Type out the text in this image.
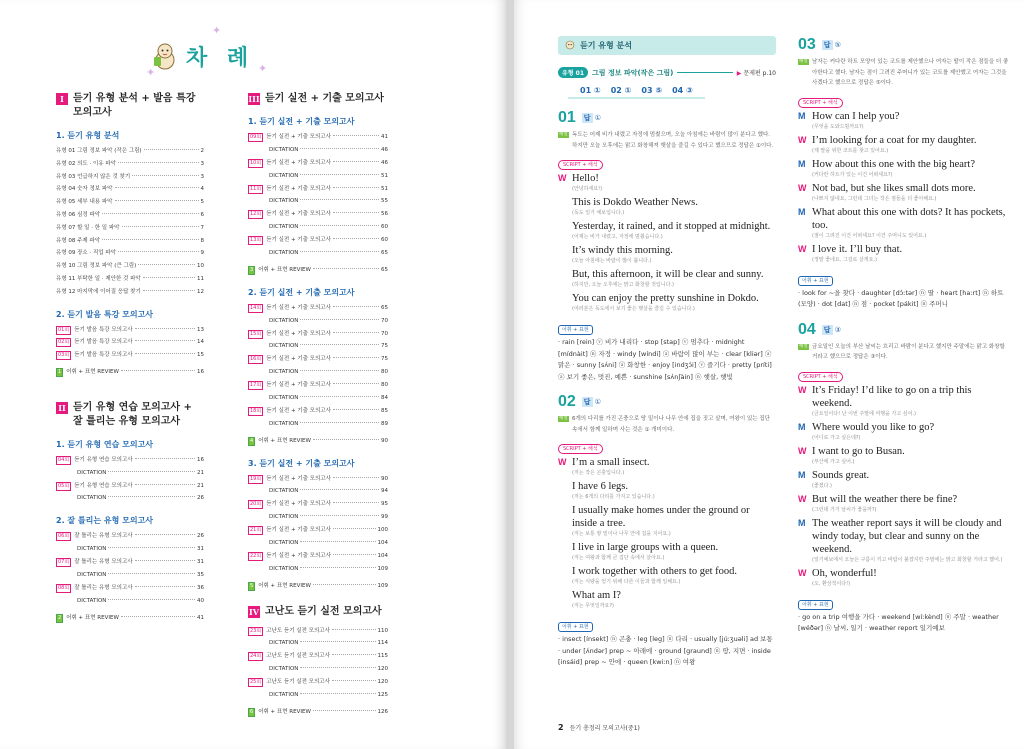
✦
✦
✦
차 례
I 듣기 유형 분석 + 발음 특강 모의고사
1. 듣기 유형 분석
유형 01 그림 정보 파악 (작은 그림)	2
유형 02 의도 · 이유 파악	3
유형 03 언급하지 않은 것 찾기	3
유형 04 숫자 정보 파악	4
유형 05 세부 내용 파악	5
유형 06 심정 파악	6
유형 07 할 일 · 한 일 파악	7
유형 08 주제 파악	8
유형 09 장소 · 직업 파악	9
유형 10 그림 정보 파악 (큰 그림)	10
유형 11 부탁한 일 · 제안한 것 파악	11
유형 12 마지막에 이어질 응답 찾기	12
2. 듣기 발음 특강 모의고사
01회 듣기 발음 특강 모의고사	13
02회 듣기 발음 특강 모의고사	14
03회 듣기 발음 특강 모의고사	15
1 어휘 + 표현 REVIEW	16
II 듣기 유형 연습 모의고사 + 잘 틀리는 유형 모의고사
1. 듣기 유형 연습 모의고사
04회 듣기 유형 연습 모의고사	16
DICTATION	21
05회 듣기 유형 연습 모의고사	21
DICTATION	26
2. 잘 틀리는 유형 모의고사
06회 잘 틀리는 유형 모의고사	26
DICTATION	31
07회 잘 틀리는 유형 모의고사	31
DICTATION	35
08회 잘 틀리는 유형 모의고사	36
DICTATION	40
2 어휘 + 표현 REVIEW	41
III 듣기 실전 + 기출 모의고사
1. 듣기 실전 + 기출 모의고사
09회 듣기 실전 + 기출 모의고사	41
DICTATION	46
10회 듣기 실전 + 기출 모의고사	46
DICTATION	51
11회 듣기 실전 + 기출 모의고사	51
DICTATION	55
12회 듣기 실전 + 기출 모의고사	56
DICTATION	60
13회 듣기 실전 + 기출 모의고사	60
DICTATION	65
3 어휘 + 표현 REVIEW	65
2. 듣기 실전 + 기출 모의고사
14회 듣기 실전 + 기출 모의고사	65
DICTATION	70
15회 듣기 실전 + 기출 모의고사	70
DICTATION	75
16회 듣기 실전 + 기출 모의고사	75
DICTATION	80
17회 듣기 실전 + 기출 모의고사	80
DICTATION	84
18회 듣기 실전 + 기출 모의고사	85
DICTATION	89
4 어휘 + 표현 REVIEW	90
3. 듣기 실전 + 기출 모의고사
19회 듣기 실전 + 기출 모의고사	90
DICTATION	94
20회 듣기 실전 + 기출 모의고사	95
DICTATION	99
21회 듣기 실전 + 기출 모의고사	100
DICTATION	104
22회 듣기 실전 + 기출 모의고사	104
DICTATION	109
5 어휘 + 표현 REVIEW	109
IV 고난도 듣기 실전 모의고사
23회 고난도 듣기 실전 모의고사	110
DICTATION	114
24회 고난도 듣기 실전 모의고사	115
DICTATION	120
25회 고난도 듣기 실전 모의고사	120
DICTATION	125
6 어휘 + 표현 REVIEW	126
듣기 유형 분석
유형 01	그림 정보 파악(작은 그림)	▶ 문제편 p.10
01 ① 02 ① 03 ⑤ 04 ③
01 답 ①
해설 독도는 어제 비가 내렸고 자정에 멈췄으며, 오늘 아침에는 바람이 많이 분다고 했다. 하지만 오늘 오후에는 맑고 화창해져 햇살을 즐길 수 있다고 했으므로 정답은 ①이다.
SCRIPT + 해석
W Hello!
(안녕하세요!)
This is Dokdo Weather News.
(독도 일기 예보입니다.)
Yesterday, it rained, and it stopped at midnight.
(어제는 비가 내렸고, 자정에 멈췄습니다.)
It’s windy this morning.
(오늘 아침에는 바람이 많이 붑니다.)
But, this afternoon, it will be clear and sunny.
(하지만, 오늘 오후에는 맑고 화창할 것입니다.)
You can enjoy the pretty sunshine in Dokdo.
(여러분은 독도에서 보기 좋은 햇살을 즐길 수 있습니다.)
어휘 + 표현
· rain [rein] ⓥ 비가 내리다 · stop [stap] ⓥ 멈추다 · midnight [mídnàit] ⓝ 자정 · windy [wíndi] ⓐ 바람이 많이 부는 · clear [kliər] ⓐ 맑은 · sunny [sʌ́ni] ⓐ 화창한 · enjoy [indʒɔ́i] ⓥ 즐기다 · pretty [príti] ⓐ 보기 좋은, 멋진, 예쁜 · sunshine [sʌ́nʃàin] ⓝ 햇살, 햇빛
02 답 ①
해설 6개의 다리를 가진 곤충으로 땅 밑이나 나무 안에 집을 짓고 살며, 여왕이 있는 집단 속에서 함께 일하며 사는 것은 ① 개미이다.
SCRIPT + 해석
W I’m a small insect.
(저는 작은 곤충입니다.)
I have 6 legs.
(저는 6개의 다리를 가지고 있습니다.)
I usually make homes under the ground or inside a tree.
(저는 보통 땅 밑이나 나무 안에 집을 지어요.)
I live in large groups with a queen.
(저는 여왕과 함께 큰 집단 속에서 살아요.)
I work together with others to get food.
(저는 식량을 얻기 위해 다른 이들과 함께 일해요.)
What am I?
(저는 무엇일까요?)
어휘 + 표현
· insect [ínsekt] ⓝ 곤충 · leg [leg] ⓝ 다리 · usually [júːʒuəli] ad 보통 · under [ʌ́ndər] prep ~ 아래에 · ground [graund] ⓝ 땅, 지면 · inside [insáid] prep ~ 안에 · queen [kwiːn] ⓝ 여왕
03 답 ⑤
해설 남자는 커다란 하트 모양이 있는 코트를 제안했으나 여자는 딸이 작은 점들을 더 좋아한다고 했다. 남자는 점이 그려진 주머니가 있는 코트를 제안했고 여자는 그것을 사겠다고 했으므로 정답은 ⑤이다.
SCRIPT + 해석
M How can I help you?
(무엇을 도와드릴까요?)
W I’m looking for a coat for my daughter.
(제 딸을 위한 코트를 찾고 있어요.)
M How about this one with the big heart?
(커다란 하트가 있는 이건 어떠세요?)
W Not bad, but she likes small dots more.
(나쁘지 않네요, 그런데 그녀는 작은 점들을 더 좋아해요.)
M What about this one with dots? It has pockets, too.
(점이 그려진 이건 어떠세요? 이건 주머니도 있어요.)
W I love it. I’ll buy that.
(정말 좋네요. 그걸로 살게요.)
어휘 + 표현
· look for ~을 찾다 · daughter [dɔ́ːtər] ⓝ 딸 · heart [haːrt] ⓝ 하트 (모양) · dot [dat] ⓝ 점 · pocket [pákit] ⓝ 주머니
04 답 ③
해설 금요일인 오늘의 부산 날씨는 흐리고 바람이 분다고 했지만 주말에는 맑고 화창할 거라고 했으므로 정답은 ③이다.
SCRIPT + 해석
W It’s Friday! I’d like to go on a trip this weekend.
(금요일이다! 난 이번 주말에 여행을 가고 싶어.)
M Where would you like to go?
(어디로 가고 싶은데?)
W I want to go to Busan.
(부산에 가고 싶어.)
M Sounds great.
(좋겠다.)
W But will the weather there be fine?
(그런데 거기 날씨가 좋을까?)
M The weather report says it will be cloudy and windy today, but clear and sunny on the weekend.
(일기예보에서 오늘은 구름이 끼고 바람이 불겠지만 주말에는 맑고 화창할 거라고 했어.)
W Oh, wonderful!
(오, 환상적이다!)
어휘 + 표현
· go on a trip 여행을 가다 · weekend [wíːkènd] ⓝ 주말 · weather [wéðər] ⓝ 날씨, 일기 · weather report 일기예보
2 듣기 총정리 모의고사(중1)
